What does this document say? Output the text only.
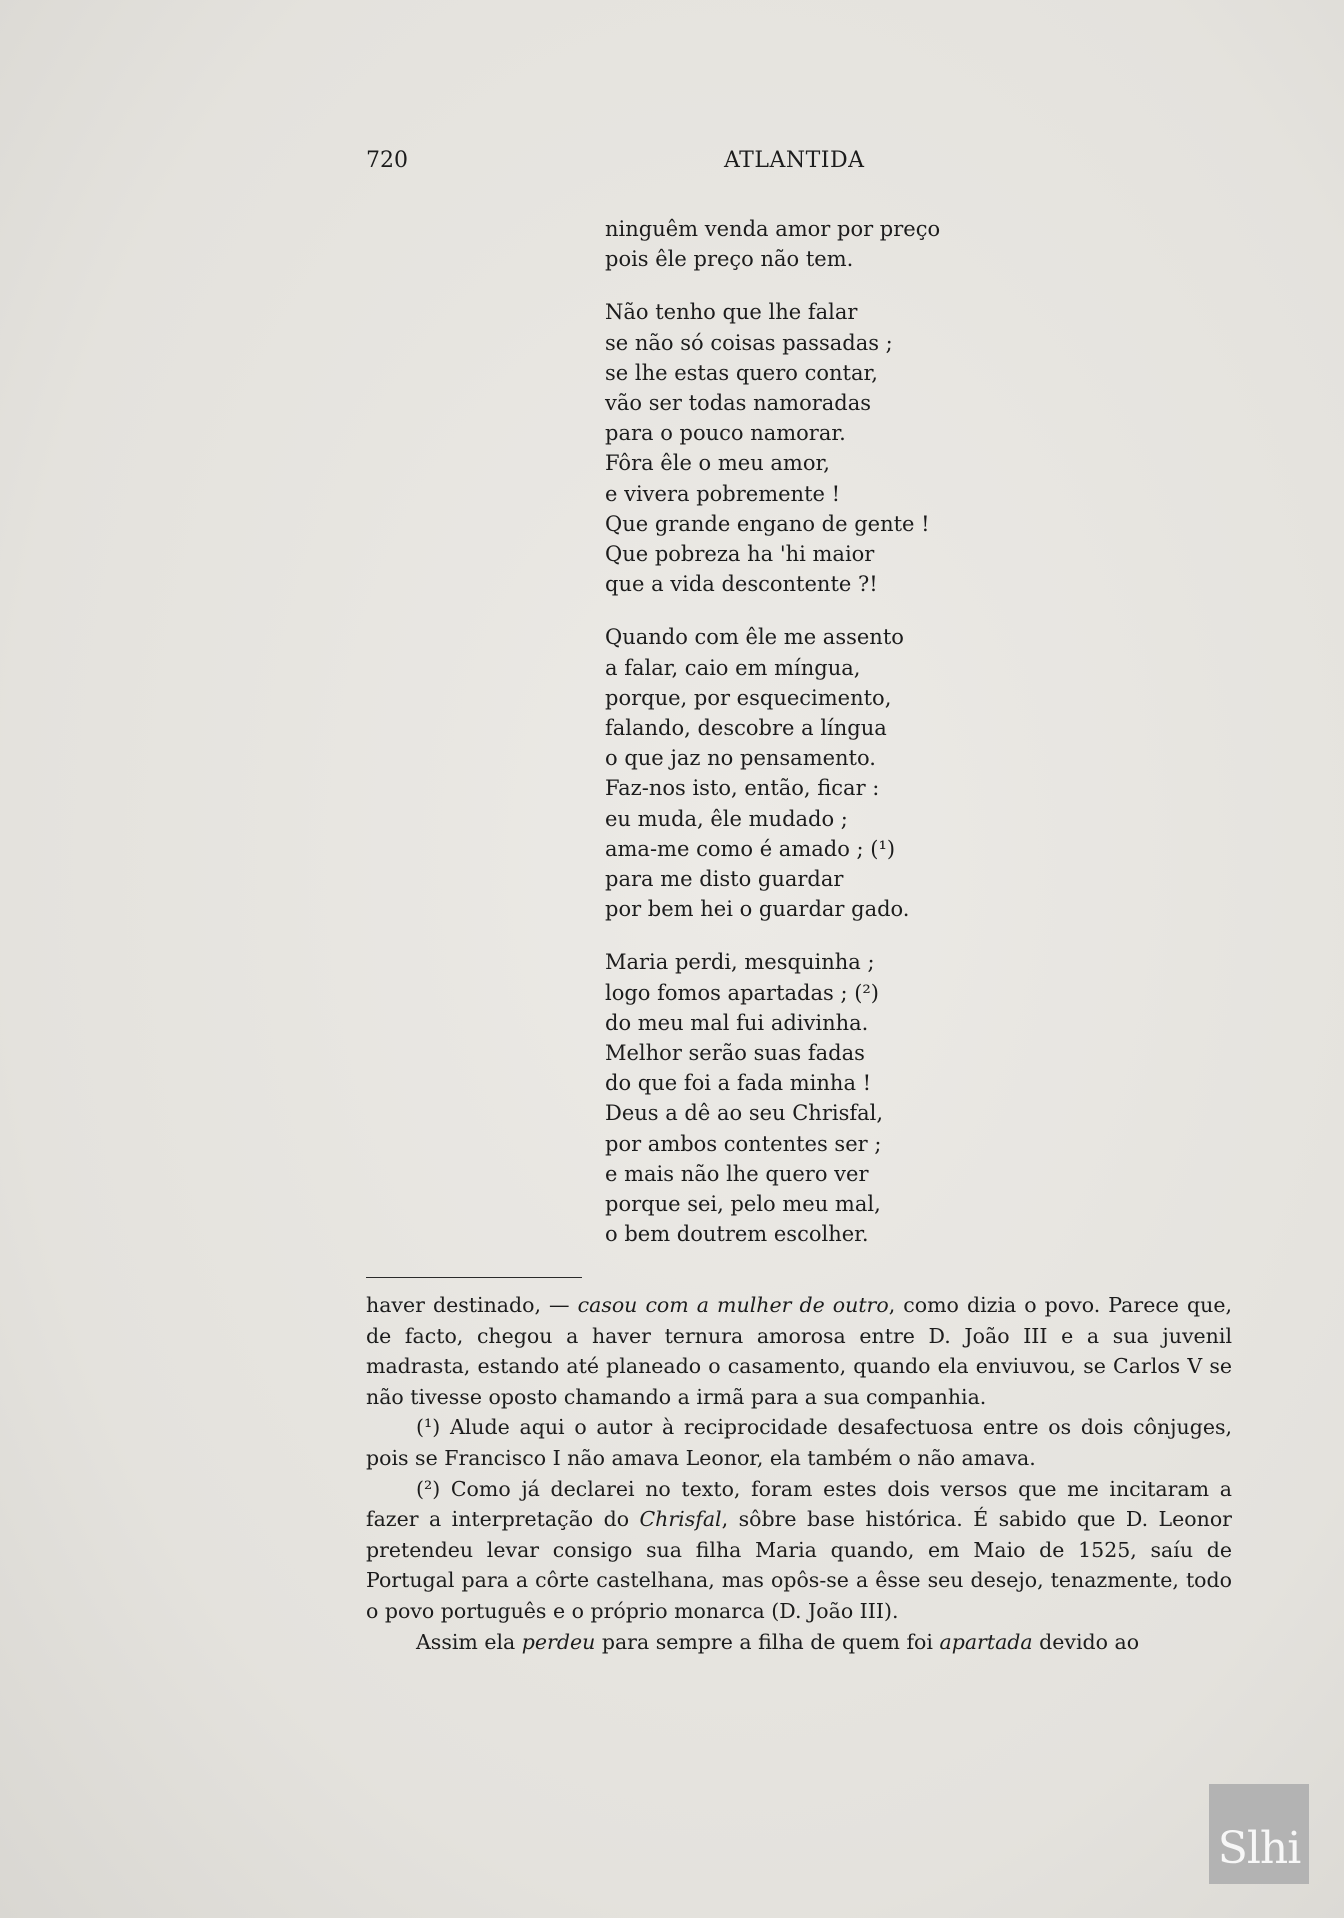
720	ATLANTIDA
ninguêm venda amor por preço
pois êle preço não tem.
Não tenho que lhe falar
se não só coisas passadas ;
se lhe estas quero contar,
vão ser todas namoradas
para o pouco namorar.
Fôra êle o meu amor,
e vivera pobremente !
Que grande engano de gente !
Que pobreza ha 'hi maior
que a vida descontente ?!
Quando com êle me assento
a falar, caio em míngua,
porque, por esquecimento,
falando, descobre a língua
o que jaz no pensamento.
Faz-nos isto, então, ficar :
eu muda, êle mudado ;
ama-me como é amado ; (¹)
para me disto guardar
por bem hei o guardar gado.
Maria perdi, mesquinha ;
logo fomos apartadas ; (²)
do meu mal fui adivinha.
Melhor serão suas fadas
do que foi a fada minha !
Deus a dê ao seu Chrisfal,
por ambos contentes ser ;
e mais não lhe quero ver
porque sei, pelo meu mal,
o bem doutrem escolher.

haver destinado, — casou com a mulher de outro, como dizia o povo. Parece que, de facto, chegou a haver ternura amorosa entre D. João III e a sua juvenil madrasta, estando até planeado o casamento, quando ela enviuvou, se Carlos V se não tivesse oposto chamando a irmã para a sua companhia.

(¹) Alude aqui o autor à reciprocidade desafectuosa entre os dois cônjuges, pois se Francisco I não amava Leonor, ela também o não amava.

(²) Como já declarei no texto, foram estes dois versos que me incitaram a fazer a interpretação do Chrisfal, sôbre base histórica. É sabido que D. Leonor pretendeu levar consigo sua filha Maria quando, em Maio de 1525, saíu de Portugal para a côrte castelhana, mas opôs-se a êsse seu desejo, tenazmente, todo o povo português e o próprio monarca (D. João III).

Assim ela perdeu para sempre a filha de quem foi apartada devido ao

Slhi
